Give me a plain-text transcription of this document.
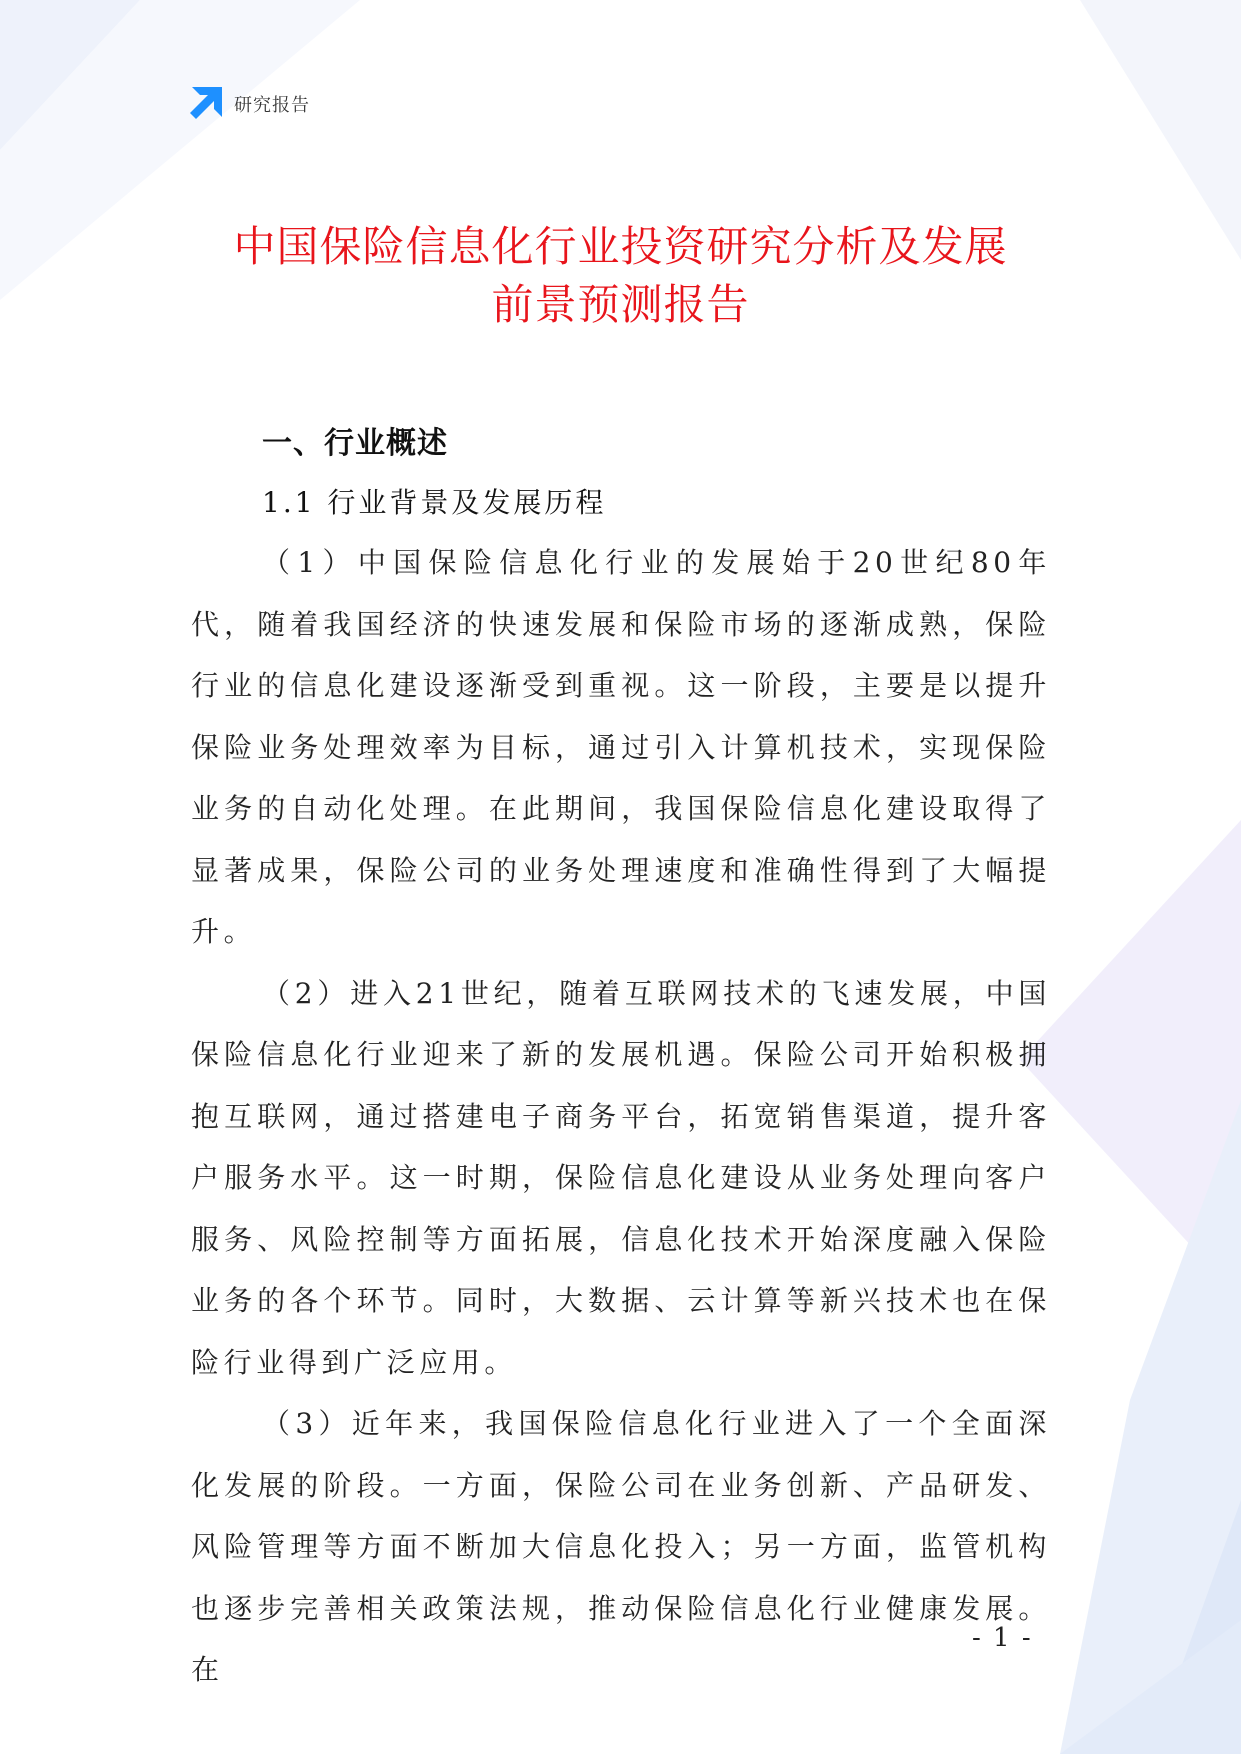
研究报告
中国保险信息化行业投资研究分析及发展
前景预测报告
一、行业概述
1.1 行业背景及发展历程

（1）中国保险信息化行业的发展始于20世纪80年代，随着我国经济的快速发展和保险市场的逐渐成熟，保险行业的信息化建设逐渐受到重视。这一阶段，主要是以提升保险业务处理效率为目标，通过引入计算机技术，实现保险业务的自动化处理。在此期间，我国保险信息化建设取得了显著成果，保险公司的业务处理速度和准确性得到了大幅提升。

（2）进入21世纪，随着互联网技术的飞速发展，中国保险信息化行业迎来了新的发展机遇。保险公司开始积极拥抱互联网，通过搭建电子商务平台，拓宽销售渠道，提升客户服务水平。这一时期，保险信息化建设从业务处理向客户服务、风险控制等方面拓展，信息化技术开始深度融入保险业务的各个环节。同时，大数据、云计算等新兴技术也在保险行业得到广泛应用。

（3）近年来，我国保险信息化行业进入了一个全面深化发展的阶段。一方面，保险公司在业务创新、产品研发、风险管理等方面不断加大信息化投入；另一方面，监管机构也逐步完善相关政策法规，推动保险信息化行业健康发展。在

- 1 -
